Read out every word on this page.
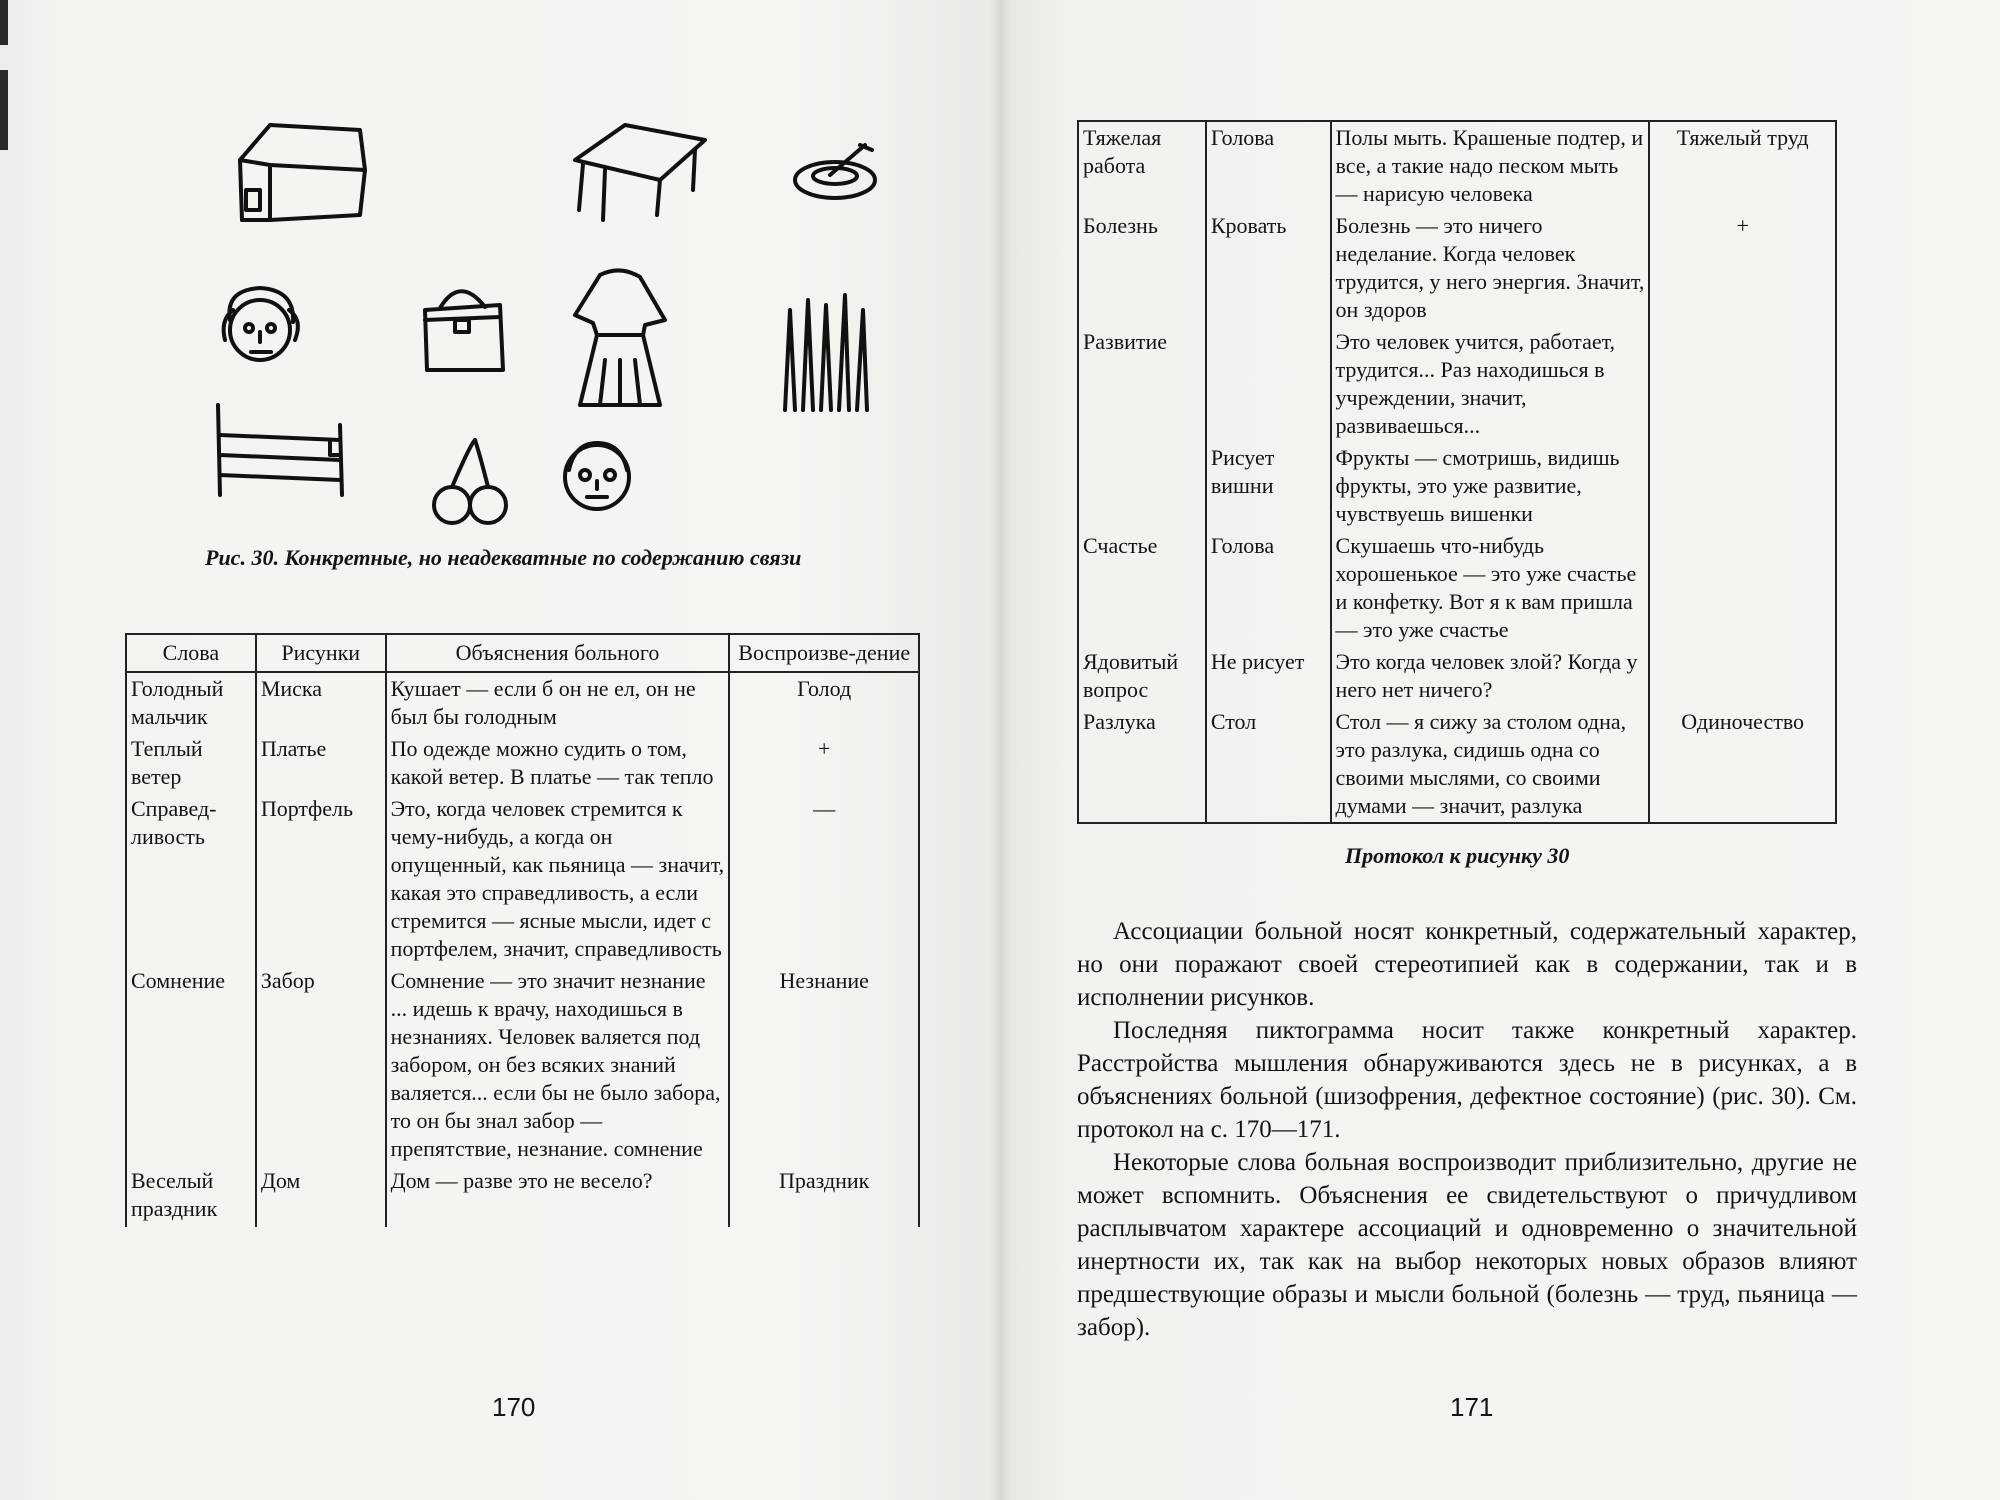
Рис. 30. Конкретные, но неадекватные по содержанию связи
Слова	Рисунки	Объяснения больного	Воспроизве-дение
Голодный мальчик	Миска	Кушает — если б он не ел, он не был бы голодным	Голод
Теплый ветер	Платье	По одежде можно судить о том, какой ветер. В платье — так тепло	+
Справед-ливость	Портфель	Это, когда человек стремится к чему-нибудь, а когда он опущенный, как пьяница — значит, какая это справедливость, а если стремится — ясные мысли, идет с портфелем, значит, справедливость	—
Сомнение	Забор	Сомнение — это значит незнание ... идешь к врачу, находишься в незнаниях. Человек валяется под забором, он без всяких знаний валяется... если бы не было забора, то он бы знал забор — препятствие, незнание. сомнение	Незнание
Веселый праздник	Дом	Дом — разве это не весело?	Праздник
170
Тяжелая работа	Голова	Полы мыть. Крашеные подтер, и все, а такие надо песком мыть — нарисую человека	Тяжелый труд
Болезнь	Кровать	Болезнь — это ничего неделание. Когда человек трудится, у него энергия. Значит, он здоров	+
Развитие		Это человек учится, работает, трудится... Раз находишься в учреждении, значит, развиваешься...	
	Рисует вишни	Фрукты — смотришь, видишь фрукты, это уже развитие, чувствуешь вишенки	
Счастье	Голова	Скушаешь что-нибудь хорошенькое — это уже счастье и конфетку. Вот я к вам пришла — это уже счастье	
Ядовитый вопрос	Не рисует	Это когда человек злой? Когда у него нет ничего?	
Разлука	Стол	Стол — я сижу за столом одна, это разлука, сидишь одна со своими мыслями, со своими думами — значит, разлука	Одиночество
Протокол к рисунку 30

Ассоциации больной носят конкретный, содержательный характер, но они поражают своей стереотипией как в содержании, так и в исполнении рисунков.

Последняя пиктограмма носит также конкретный характер. Расстройства мышления обнаруживаются здесь не в рисунках, а в объяснениях больной (шизофрения, дефектное состояние) (рис. 30). См. протокол на с. 170—171.

Некоторые слова больная воспроизводит приблизительно, другие не может вспомнить. Объяснения ее свидетельствуют о причудливом расплывчатом характере ассоциаций и одновременно о значительной инертности их, так как на выбор некоторых новых образов влияют предшествующие образы и мысли больной (болезнь — труд, пьяница — забор).

171
